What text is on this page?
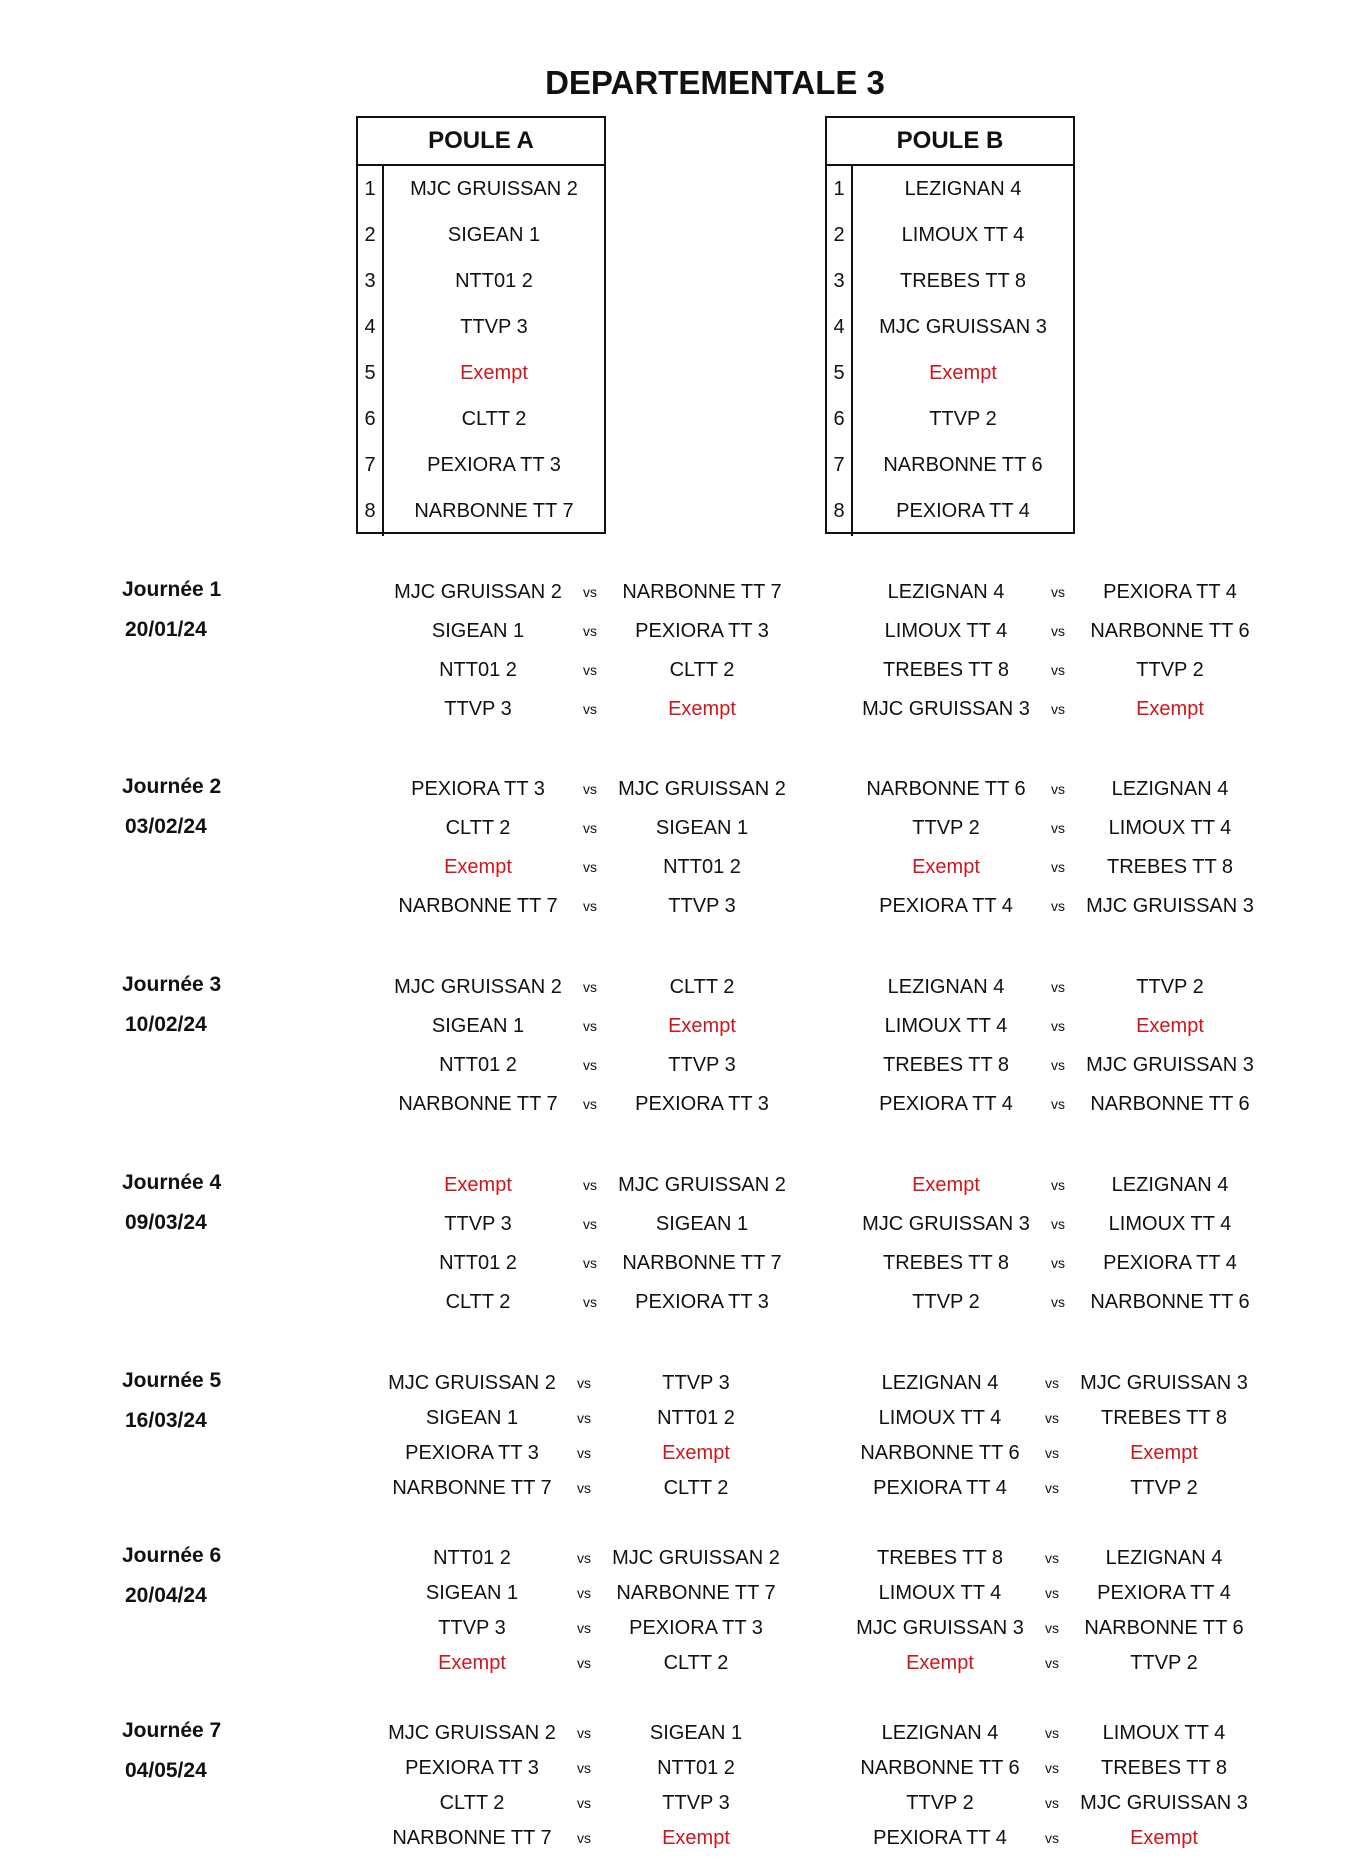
DEPARTEMENTALE 3
POULE A
1	MJC GRUISSAN 2
2	SIGEAN 1
3	NTT01 2
4	TTVP 3
5	Exempt
6	CLTT 2
7	PEXIORA TT 3
8	NARBONNE TT 7
POULE B
1	LEZIGNAN 4
2	LIMOUX TT 4
3	TREBES TT 8
4	MJC GRUISSAN 3
5	Exempt
6	TTVP 2
7	NARBONNE TT 6
8	PEXIORA TT 4
Journée 1
20/01/24
MJC GRUISSAN 2	vs	NARBONNE TT 7
SIGEAN 1	vs	PEXIORA TT 3
NTT01 2	vs	CLTT 2
TTVP 3	vs	Exempt
LEZIGNAN 4	vs	PEXIORA TT 4
LIMOUX TT 4	vs	NARBONNE TT 6
TREBES TT 8	vs	TTVP 2
MJC GRUISSAN 3	vs	Exempt
Journée 2
03/02/24
PEXIORA TT 3	vs	MJC GRUISSAN 2
CLTT 2	vs	SIGEAN 1
Exempt	vs	NTT01 2
NARBONNE TT 7	vs	TTVP 3
NARBONNE TT 6	vs	LEZIGNAN 4
TTVP 2	vs	LIMOUX TT 4
Exempt	vs	TREBES TT 8
PEXIORA TT 4	vs	MJC GRUISSAN 3
Journée 3
10/02/24
MJC GRUISSAN 2	vs	CLTT 2
SIGEAN 1	vs	Exempt
NTT01 2	vs	TTVP 3
NARBONNE TT 7	vs	PEXIORA TT 3
LEZIGNAN 4	vs	TTVP 2
LIMOUX TT 4	vs	Exempt
TREBES TT 8	vs	MJC GRUISSAN 3
PEXIORA TT 4	vs	NARBONNE TT 6
Journée 4
09/03/24
Exempt	vs	MJC GRUISSAN 2
TTVP 3	vs	SIGEAN 1
NTT01 2	vs	NARBONNE TT 7
CLTT 2	vs	PEXIORA TT 3
Exempt	vs	LEZIGNAN 4
MJC GRUISSAN 3	vs	LIMOUX TT 4
TREBES TT 8	vs	PEXIORA TT 4
TTVP 2	vs	NARBONNE TT 6
Journée 5
16/03/24
MJC GRUISSAN 2	vs	TTVP 3
SIGEAN 1	vs	NTT01 2
PEXIORA TT 3	vs	Exempt
NARBONNE TT 7	vs	CLTT 2
LEZIGNAN 4	vs	MJC GRUISSAN 3
LIMOUX TT 4	vs	TREBES TT 8
NARBONNE TT 6	vs	Exempt
PEXIORA TT 4	vs	TTVP 2
Journée 6
20/04/24
NTT01 2	vs	MJC GRUISSAN 2
SIGEAN 1	vs	NARBONNE TT 7
TTVP 3	vs	PEXIORA TT 3
Exempt	vs	CLTT 2
TREBES TT 8	vs	LEZIGNAN 4
LIMOUX TT 4	vs	PEXIORA TT 4
MJC GRUISSAN 3	vs	NARBONNE TT 6
Exempt	vs	TTVP 2
Journée 7
04/05/24
MJC GRUISSAN 2	vs	SIGEAN 1
PEXIORA TT 3	vs	NTT01 2
CLTT 2	vs	TTVP 3
NARBONNE TT 7	vs	Exempt
LEZIGNAN 4	vs	LIMOUX TT 4
NARBONNE TT 6	vs	TREBES TT 8
TTVP 2	vs	MJC GRUISSAN 3
PEXIORA TT 4	vs	Exempt
